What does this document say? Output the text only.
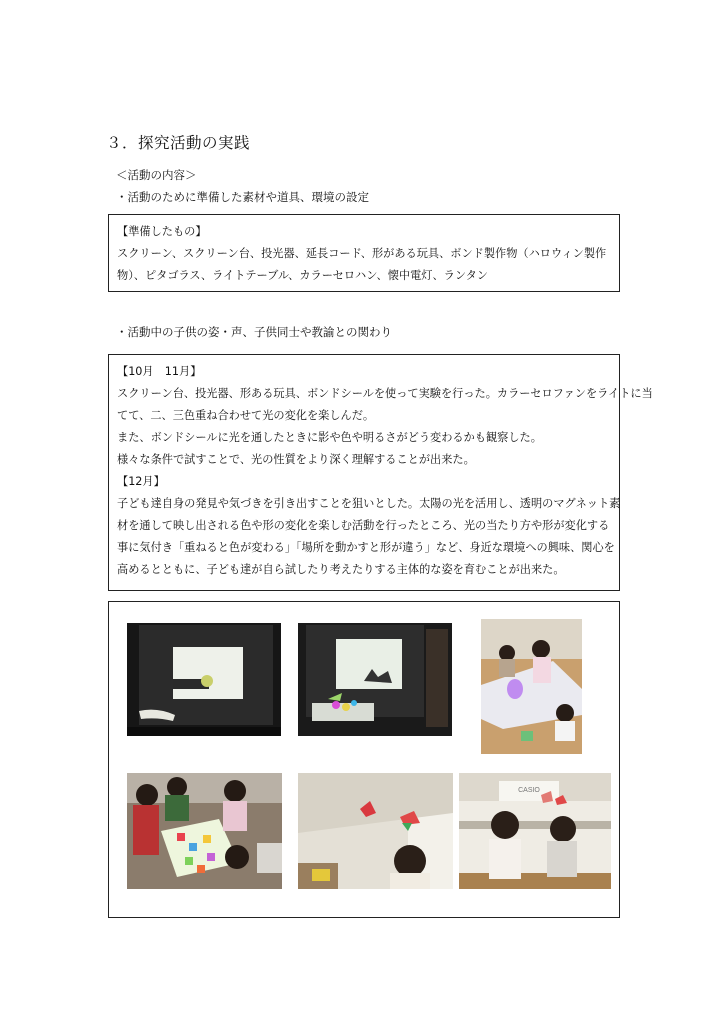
３．探究活動の実践
＜活動の内容＞
・活動のために準備した素材や道具、環境の設定

【準備したもの】

スクリーン、スクリーン台、投光器、延長コード、形がある玩具、ボンド製作物（ハロウィン製作

物）、ピタゴラス、ライトテーブル、カラーセロハン、懐中電灯、ランタン

・活動中の子供の姿・声、子供同士や教諭との関わり

【10月　11月】

スクリーン台、投光器、形ある玩具、ボンドシールを使って実験を行った。カラーセロファンをライトに当

てて、二、三色重ね合わせて光の変化を楽しんだ。

また、ボンドシールに光を通したときに影や色や明るさがどう変わるかも観察した。

様々な条件で試すことで、光の性質をより深く理解することが出来た。

【12月】

子ども達自身の発見や気づきを引き出すことを狙いとした。太陽の光を活用し、透明のマグネット素

材を通して映し出される色や形の変化を楽しむ活動を行ったところ、光の当たり方や形が変化する

事に気付き「重ねると色が変わる」「場所を動かすと形が違う」など、身近な環境への興味、関心を

高めるとともに、子ども達が自ら試したり考えたりする主体的な姿を育むことが出来た。

CASIO
